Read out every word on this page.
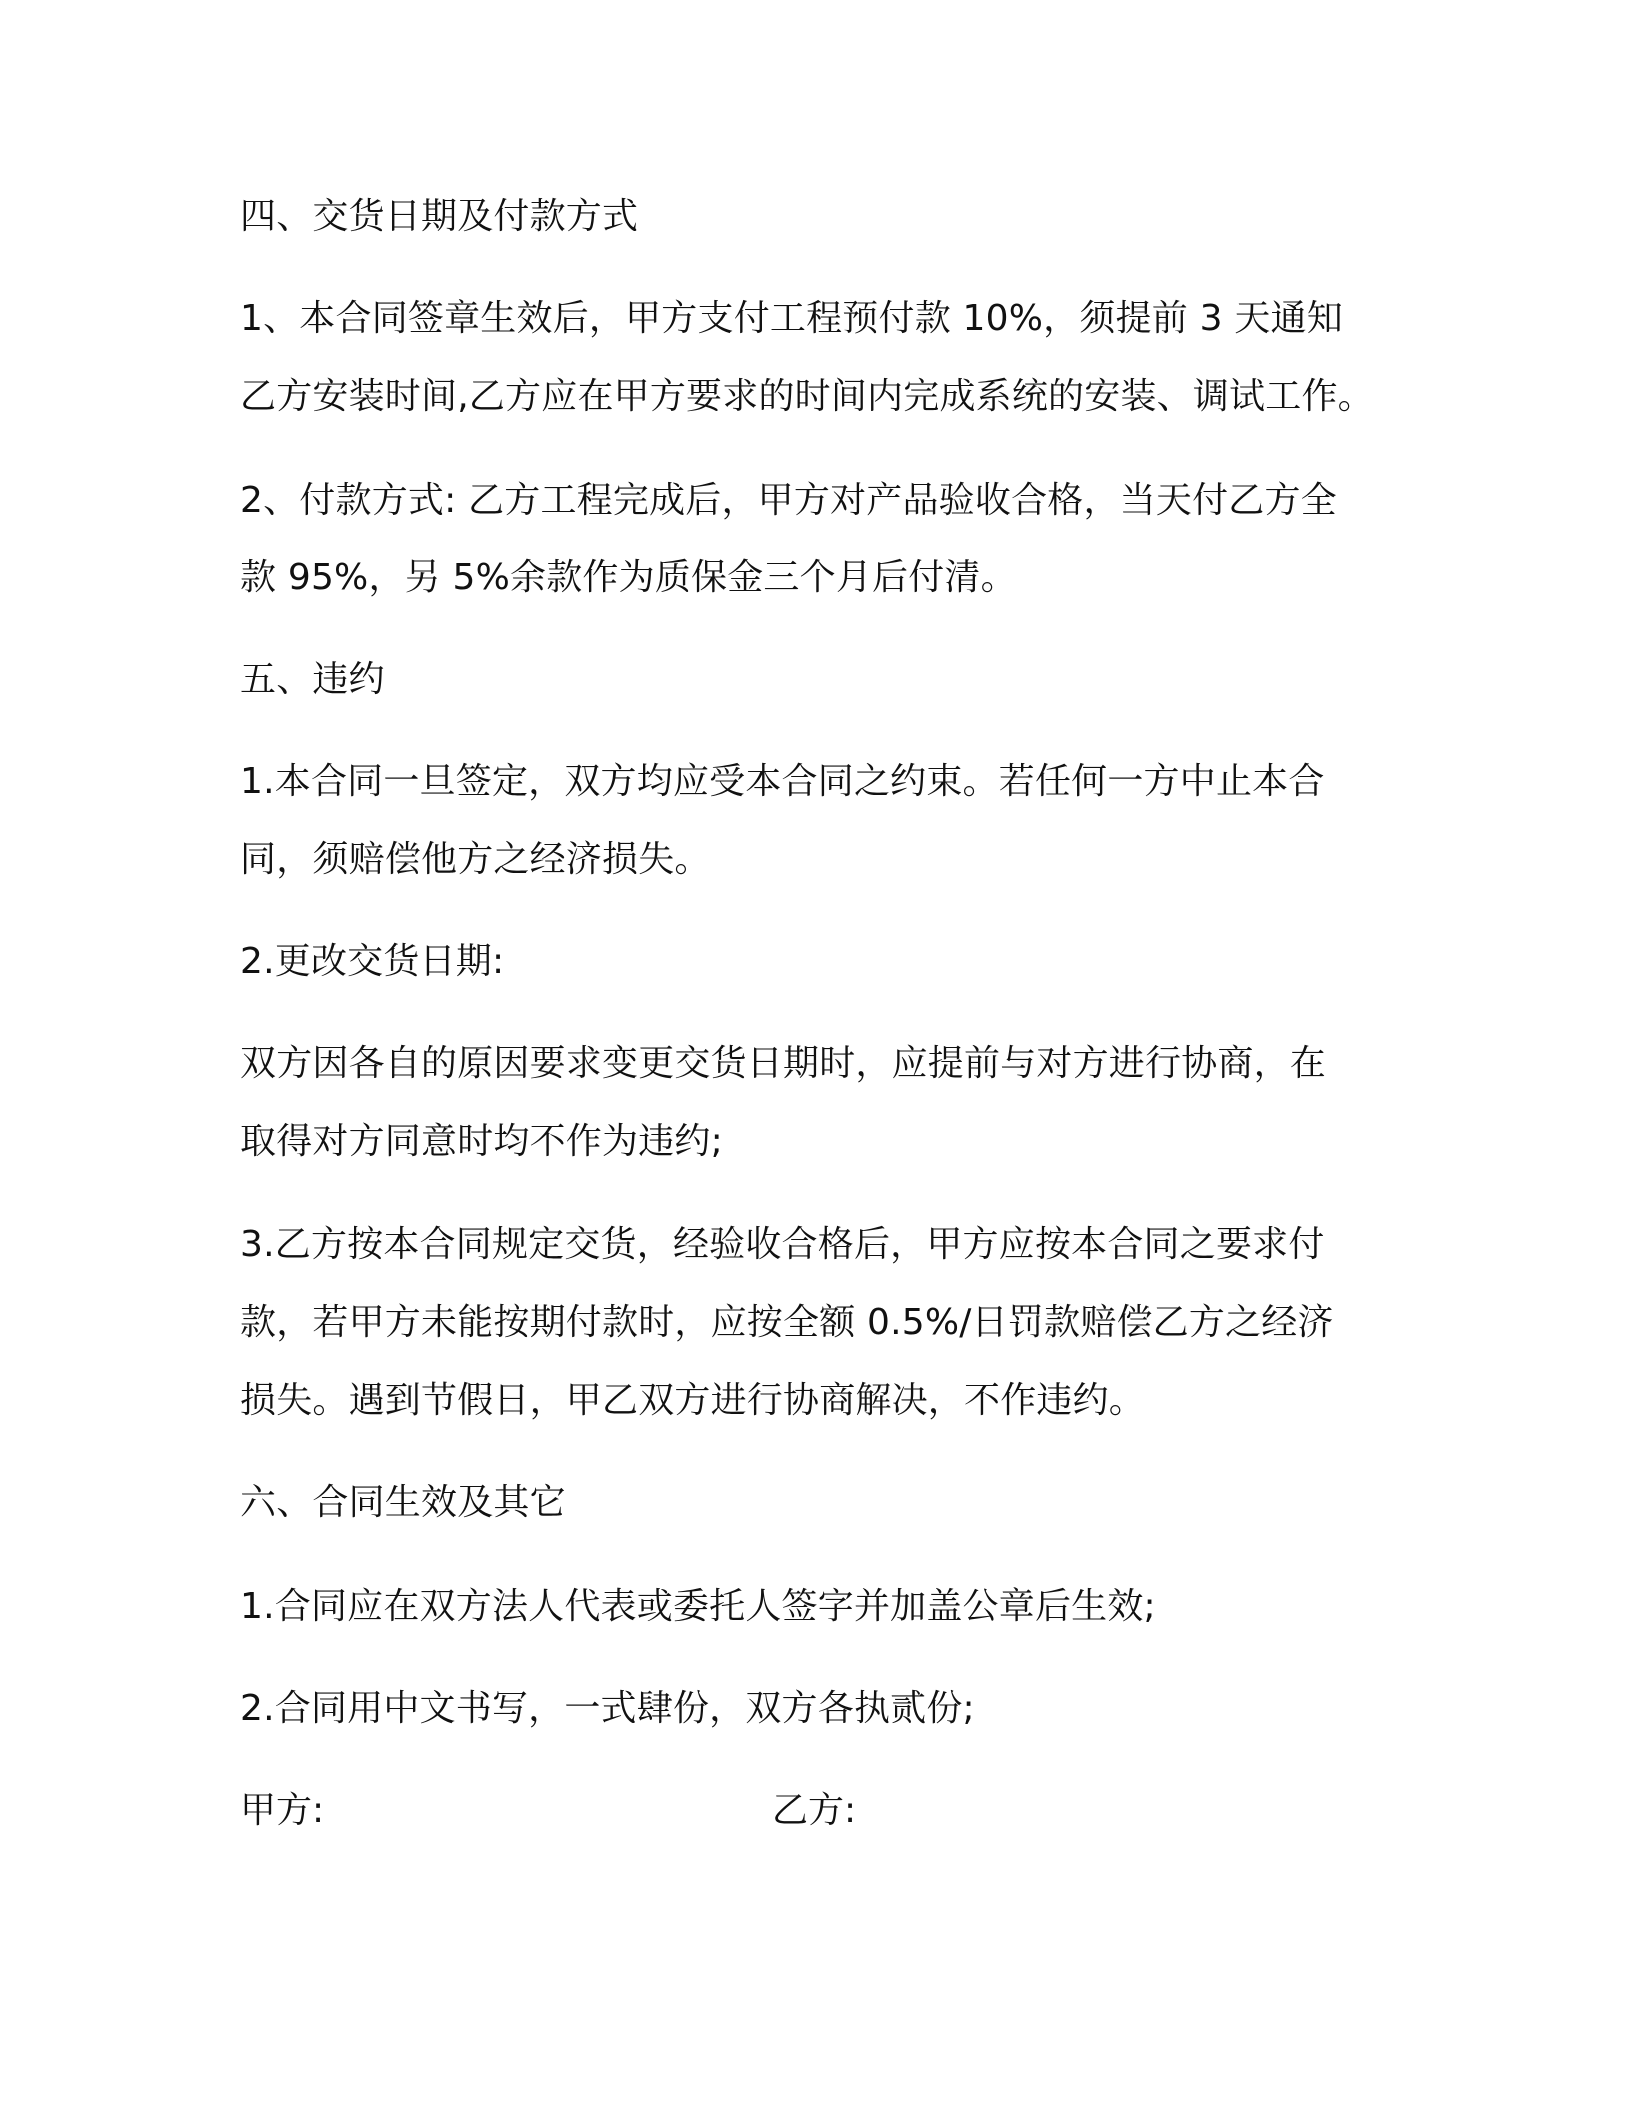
四、交货日期及付款方式
1、本合同签章生效后，甲方支付工程预付款 10%，须提前 3 天通知
乙方安装时间,乙方应在甲方要求的时间内完成系统的安装、调试工作。
2、付款方式: 乙方工程完成后，甲方对产品验收合格，当天付乙方全
款 95%，另 5%余款作为质保金三个月后付清。
五、违约
1.本合同一旦签定，双方均应受本合同之约束。若任何一方中止本合
同，须赔偿他方之经济损失。
2.更改交货日期:
双方因各自的原因要求变更交货日期时，应提前与对方进行协商，在
取得对方同意时均不作为违约;
3.乙方按本合同规定交货，经验收合格后，甲方应按本合同之要求付
款，若甲方未能按期付款时，应按全额 0.5%/日罚款赔偿乙方之经济
损失。遇到节假日，甲乙双方进行协商解决，不作违约。
六、合同生效及其它
1.合同应在双方法人代表或委托人签字并加盖公章后生效;
2.合同用中文书写，一式肆份，双方各执贰份;
甲方:	乙方:
